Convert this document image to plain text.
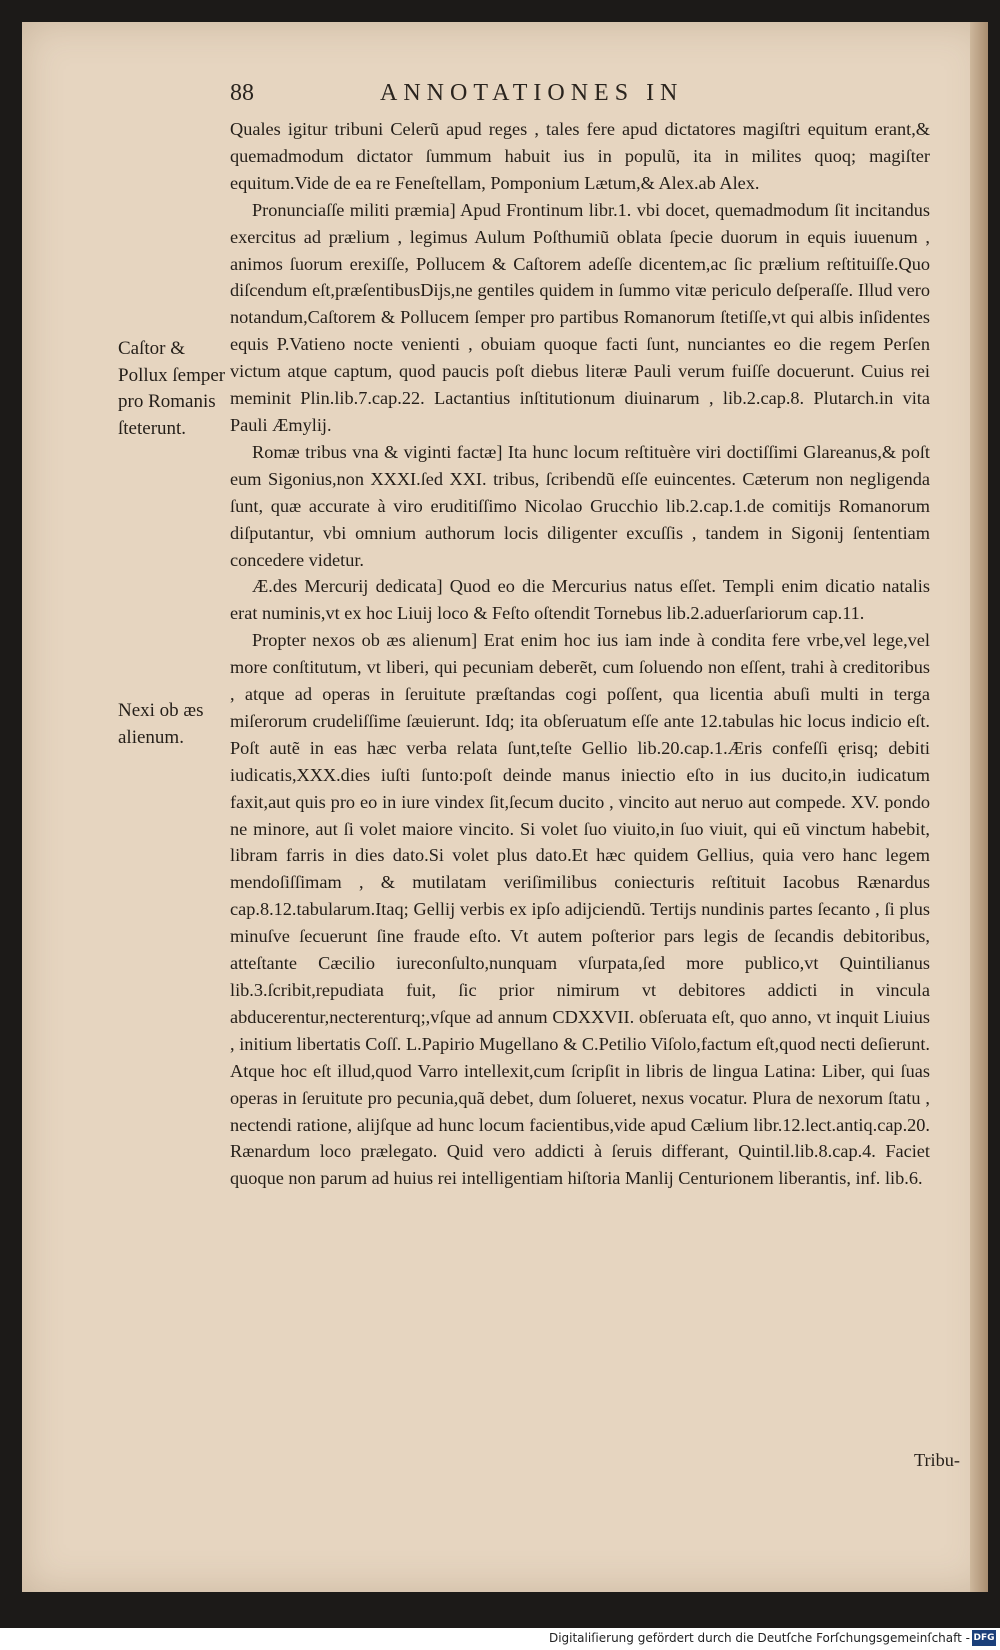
88	ANNOTATIONES IN

Quales igitur tribuni Celerũ apud reges , tales fere apud dictatores magiſtri equitum erant,& quemadmodum dictator ſummum habuit ius in populũ, ita in milites quoq; magiſter equitum.Vide de ea re Feneſtellam, Pomponium Lætum,& Alex.ab Alex.

Pronunciaſſe militi præmia] Apud Frontinum libr.1. vbi docet, quemadmodum ſit incitandus exercitus ad prælium , legimus Aulum Poſthumiũ oblata ſpecie duorum in equis iuuenum , animos ſuorum erexiſſe, Pollucem & Caſtorem adeſſe dicentem,ac ſic prælium reſtituiſſe.Quo diſcendum eſt,præſentibusDijs,ne gentiles quidem in ſummo vitæ periculo deſperaſſe. Illud vero notandum,Caſtorem & Pollucem ſemper pro partibus Romanorum ſtetiſſe,vt qui albis inſidentes equis P.Vatieno nocte venienti , obuiam quoque facti ſunt, nunciantes eo die regem Perſen victum atque captum, quod paucis poſt diebus literæ Pauli verum fuiſſe docuerunt. Cuius rei meminit Plin.lib.7.cap.22. Lactantius inſtitutionum diuinarum , lib.2.cap.8. Plutarch.in vita Pauli Æmylij.

Romæ tribus vna & viginti factæ] Ita hunc locum reſtituère viri doctiſſimi Glareanus,& poſt eum Sigonius,non XXXI.ſed XXI. tribus, ſcribendũ eſſe euincentes. Cæterum non negligenda ſunt, quæ accurate à viro eruditiſſimo Nicolao Grucchio lib.2.cap.1.de comitijs Romanorum diſputantur, vbi omnium authorum locis diligenter excuſſis , tandem in Sigonij ſententiam concedere videtur.

Æ.des Mercurij dedicata] Quod eo die Mercurius natus eſſet. Templi enim dicatio natalis erat numinis,vt ex hoc Liuij loco & Feſto oſtendit Tornebus lib.2.aduerſariorum cap.11.

Propter nexos ob æs alienum] Erat enim hoc ius iam inde à condita fere vrbe,vel lege,vel more conſtitutum, vt liberi, qui pecuniam deberẽt, cum ſoluendo non eſſent, trahi à creditoribus , atque ad operas in ſeruitute præſtandas cogi poſſent, qua licentia abuſi multi in terga miſerorum crudeliſſime ſæuierunt. Idq; ita obſeruatum eſſe ante 12.tabulas hic locus indicio eſt. Poſt autẽ in eas hæc verba relata ſunt,teſte Gellio lib.20.cap.1.Æris confeſſi ęrisq; debiti iudicatis,XXX.dies iuſti ſunto:poſt deinde manus iniectio eſto in ius ducito,in iudicatum faxit,aut quis pro eo in iure vindex ſit,ſecum ducito , vincito aut neruo aut compede. XV. pondo ne minore, aut ſi volet maiore vincito. Si volet ſuo viuito,in ſuo viuit, qui eũ vinctum habebit, libram farris in dies dato.Si volet plus dato.Et hæc quidem Gellius, quia vero hanc legem mendoſiſſimam , & mutilatam veriſimilibus coniecturis reſtituit Iacobus Rænardus cap.8.12.tabularum.Itaq; Gellij verbis ex ipſo adijciendũ. Tertijs nundinis partes ſecanto , ſi plus minuſve ſecuerunt ſine fraude eſto. Vt autem poſterior pars legis de ſecandis debitoribus, atteſtante Cæcilio iureconſulto,nunquam vſurpata,ſed more publico,vt Quintilianus lib.3.ſcribit,repudiata fuit, ſic prior nimirum vt debitores addicti in vincula abducerentur,necterenturq;,vſque ad annum CDXXVII. obſeruata eſt, quo anno, vt inquit Liuius , initium libertatis Coſſ. L.Papirio Mugellano & C.Petilio Viſolo,factum eſt,quod necti deſierunt. Atque hoc eſt illud,quod Varro intellexit,cum ſcripſit in libris de lingua Latina: Liber, qui ſuas operas in ſeruitute pro pecunia,quã debet, dum ſolueret, nexus vocatur. Plura de nexorum ſtatu , nectendi ratione, alijſque ad hunc locum facientibus,vide apud Cælium libr.12.lect.antiq.cap.20. Rænardum loco prælegato. Quid vero addicti à ſeruis differant, Quintil.lib.8.cap.4. Faciet quoque non parum ad huius rei intelligentiam hiſtoria Manlij Centurionem liberantis, inf. lib.6.

Caſtor & Pollux ſemper pro Romanis ſteterunt.
Nexi ob æs alienum.
Tribu-
Digitaliſierung gefördert durch die Deutſche Forſchungsgemeinſchaft - DFG
